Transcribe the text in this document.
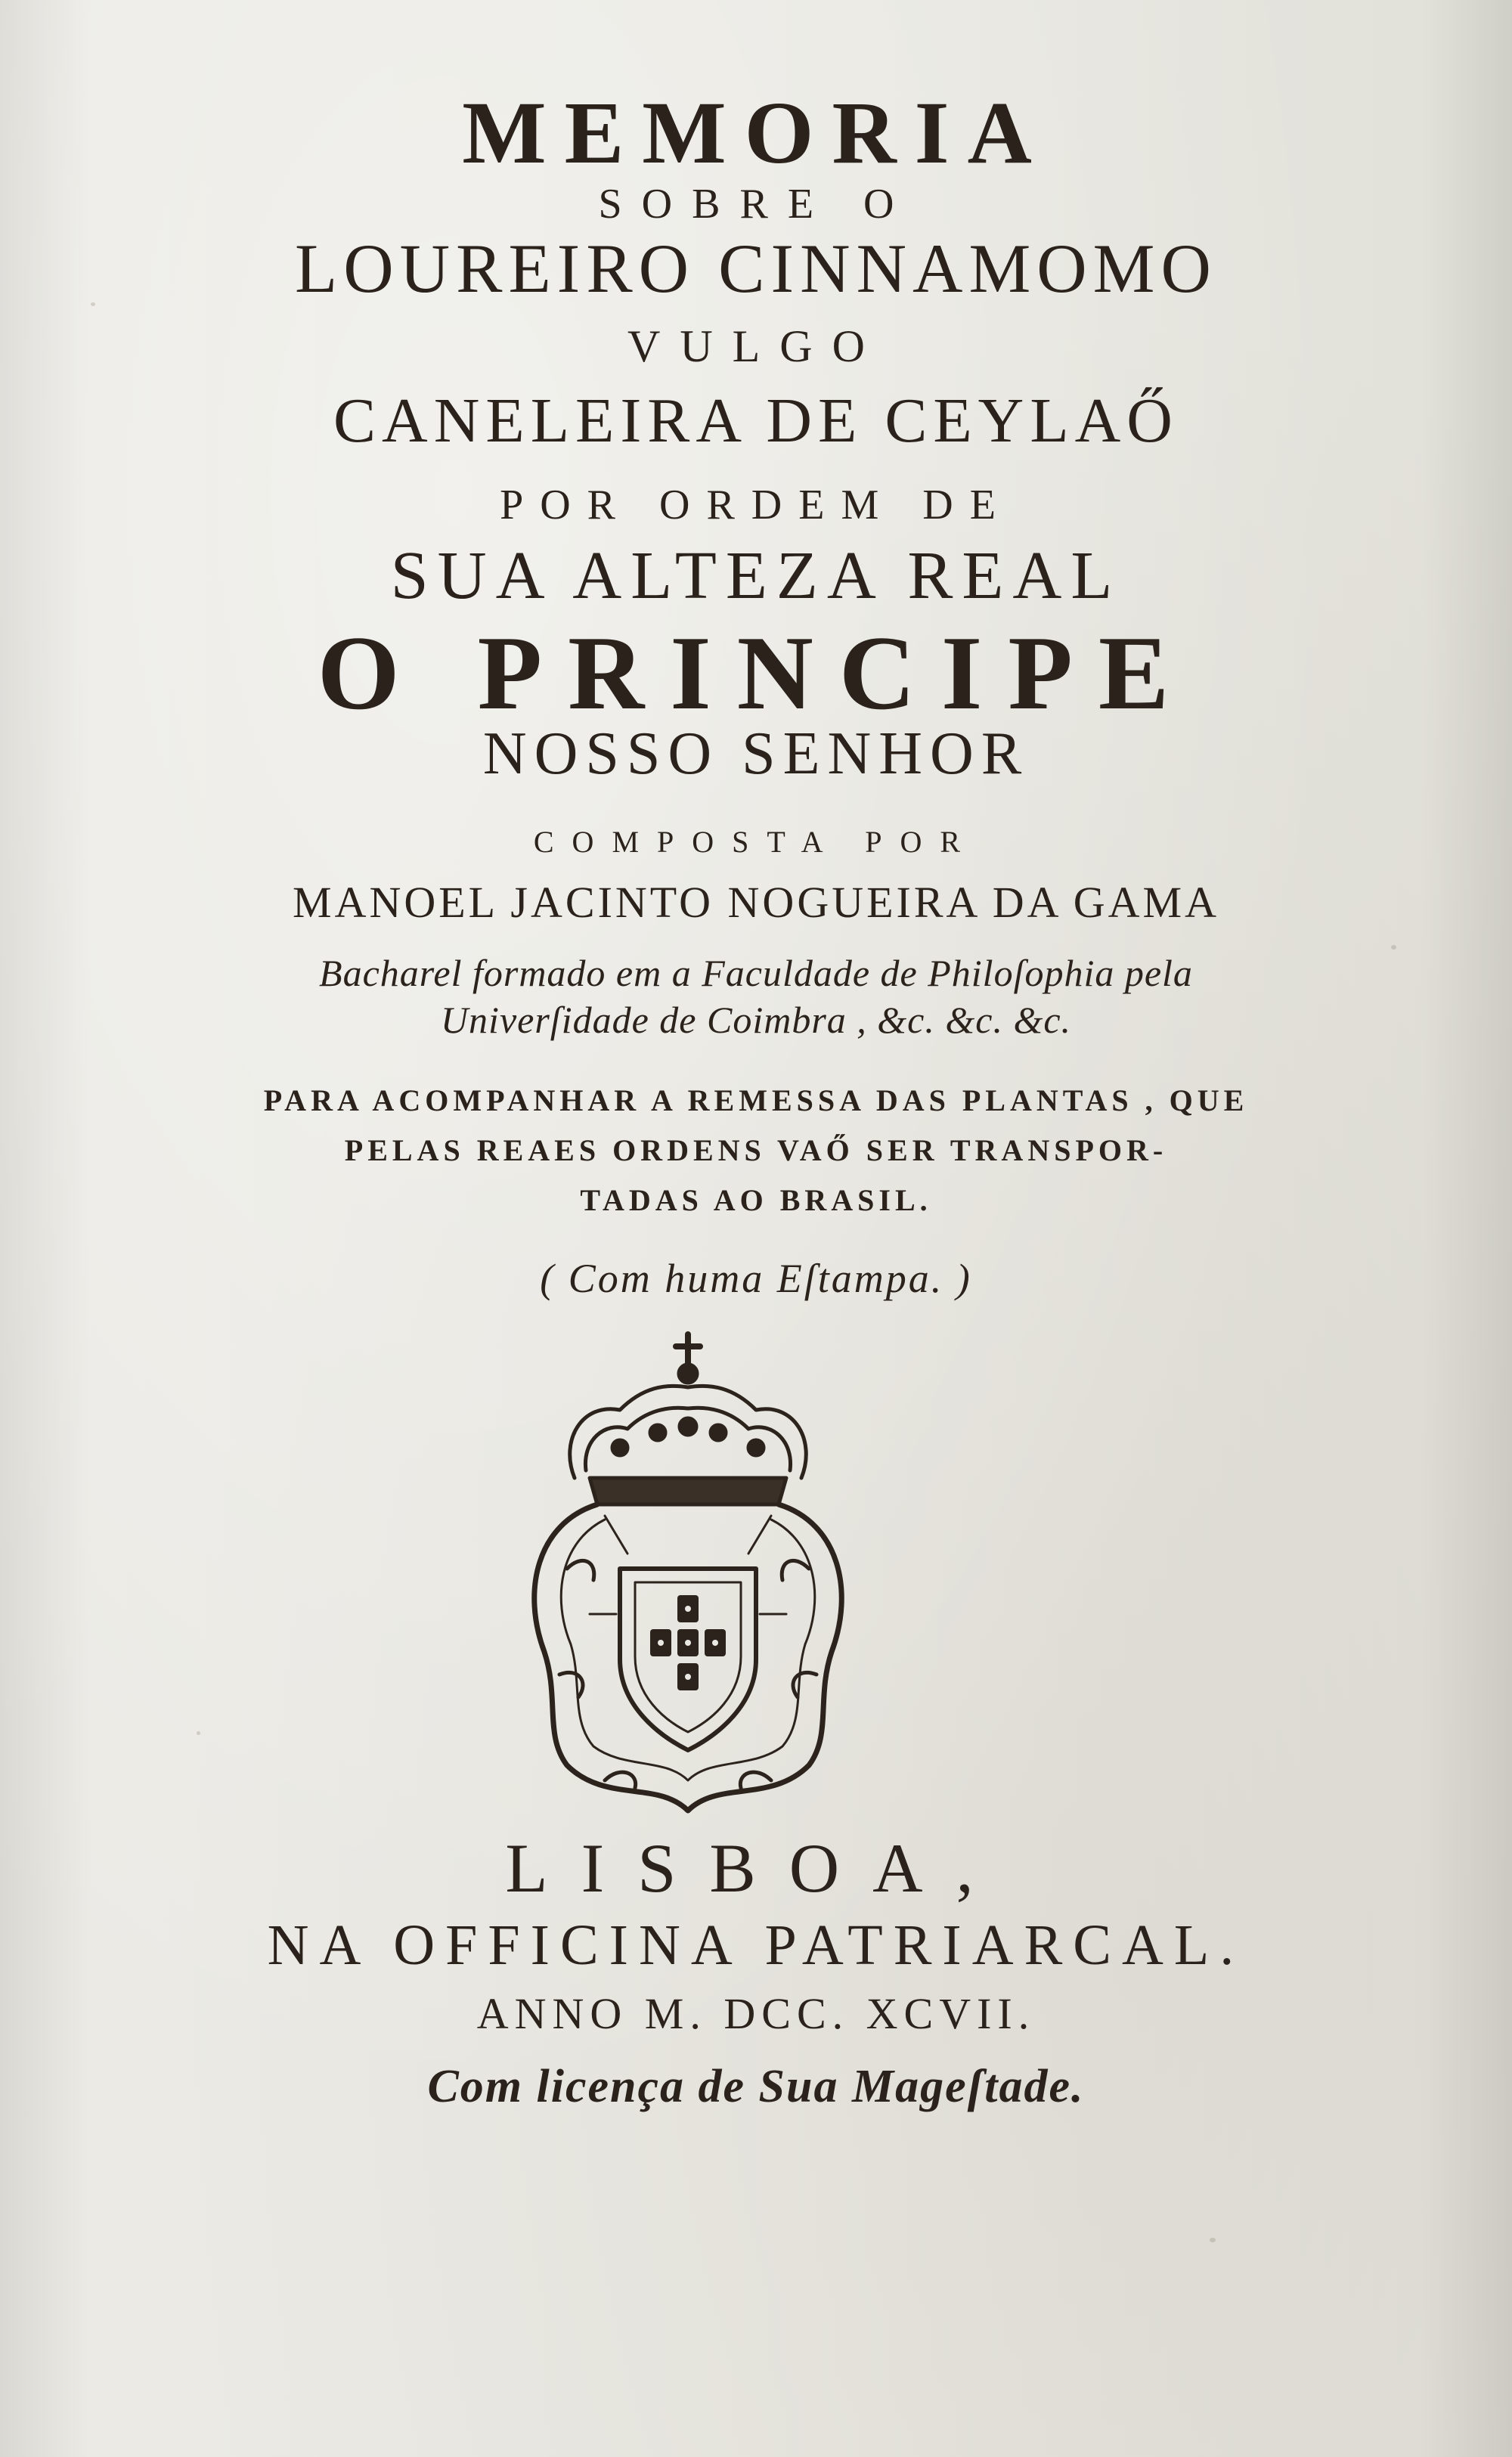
MEMORIA
SOBRE O
LOUREIRO CINNAMOMO
VULGO
CANELEIRA DE CEYLAŐ
POR ORDEM DE
SUA ALTEZA REAL
O PRINCIPE
NOSSO SENHOR
COMPOSTA POR
MANOEL JACINTO NOGUEIRA DA GAMA
Bacharel formado em a Faculdade de Philoſophia pela
Univerſidade de Coimbra , &c. &c. &c.
PARA ACOMPANHAR A REMESSA DAS PLANTAS , QUE
PELAS REAES ORDENS VAŐ SER TRANSPOR-
TADAS AO BRASIL.
( Com huma Eſtampa. )
LISBOA,
NA OFFICINA PATRIARCAL.
ANNO M. DCC. XCVII.
Com licença de Sua Mageſtade.
